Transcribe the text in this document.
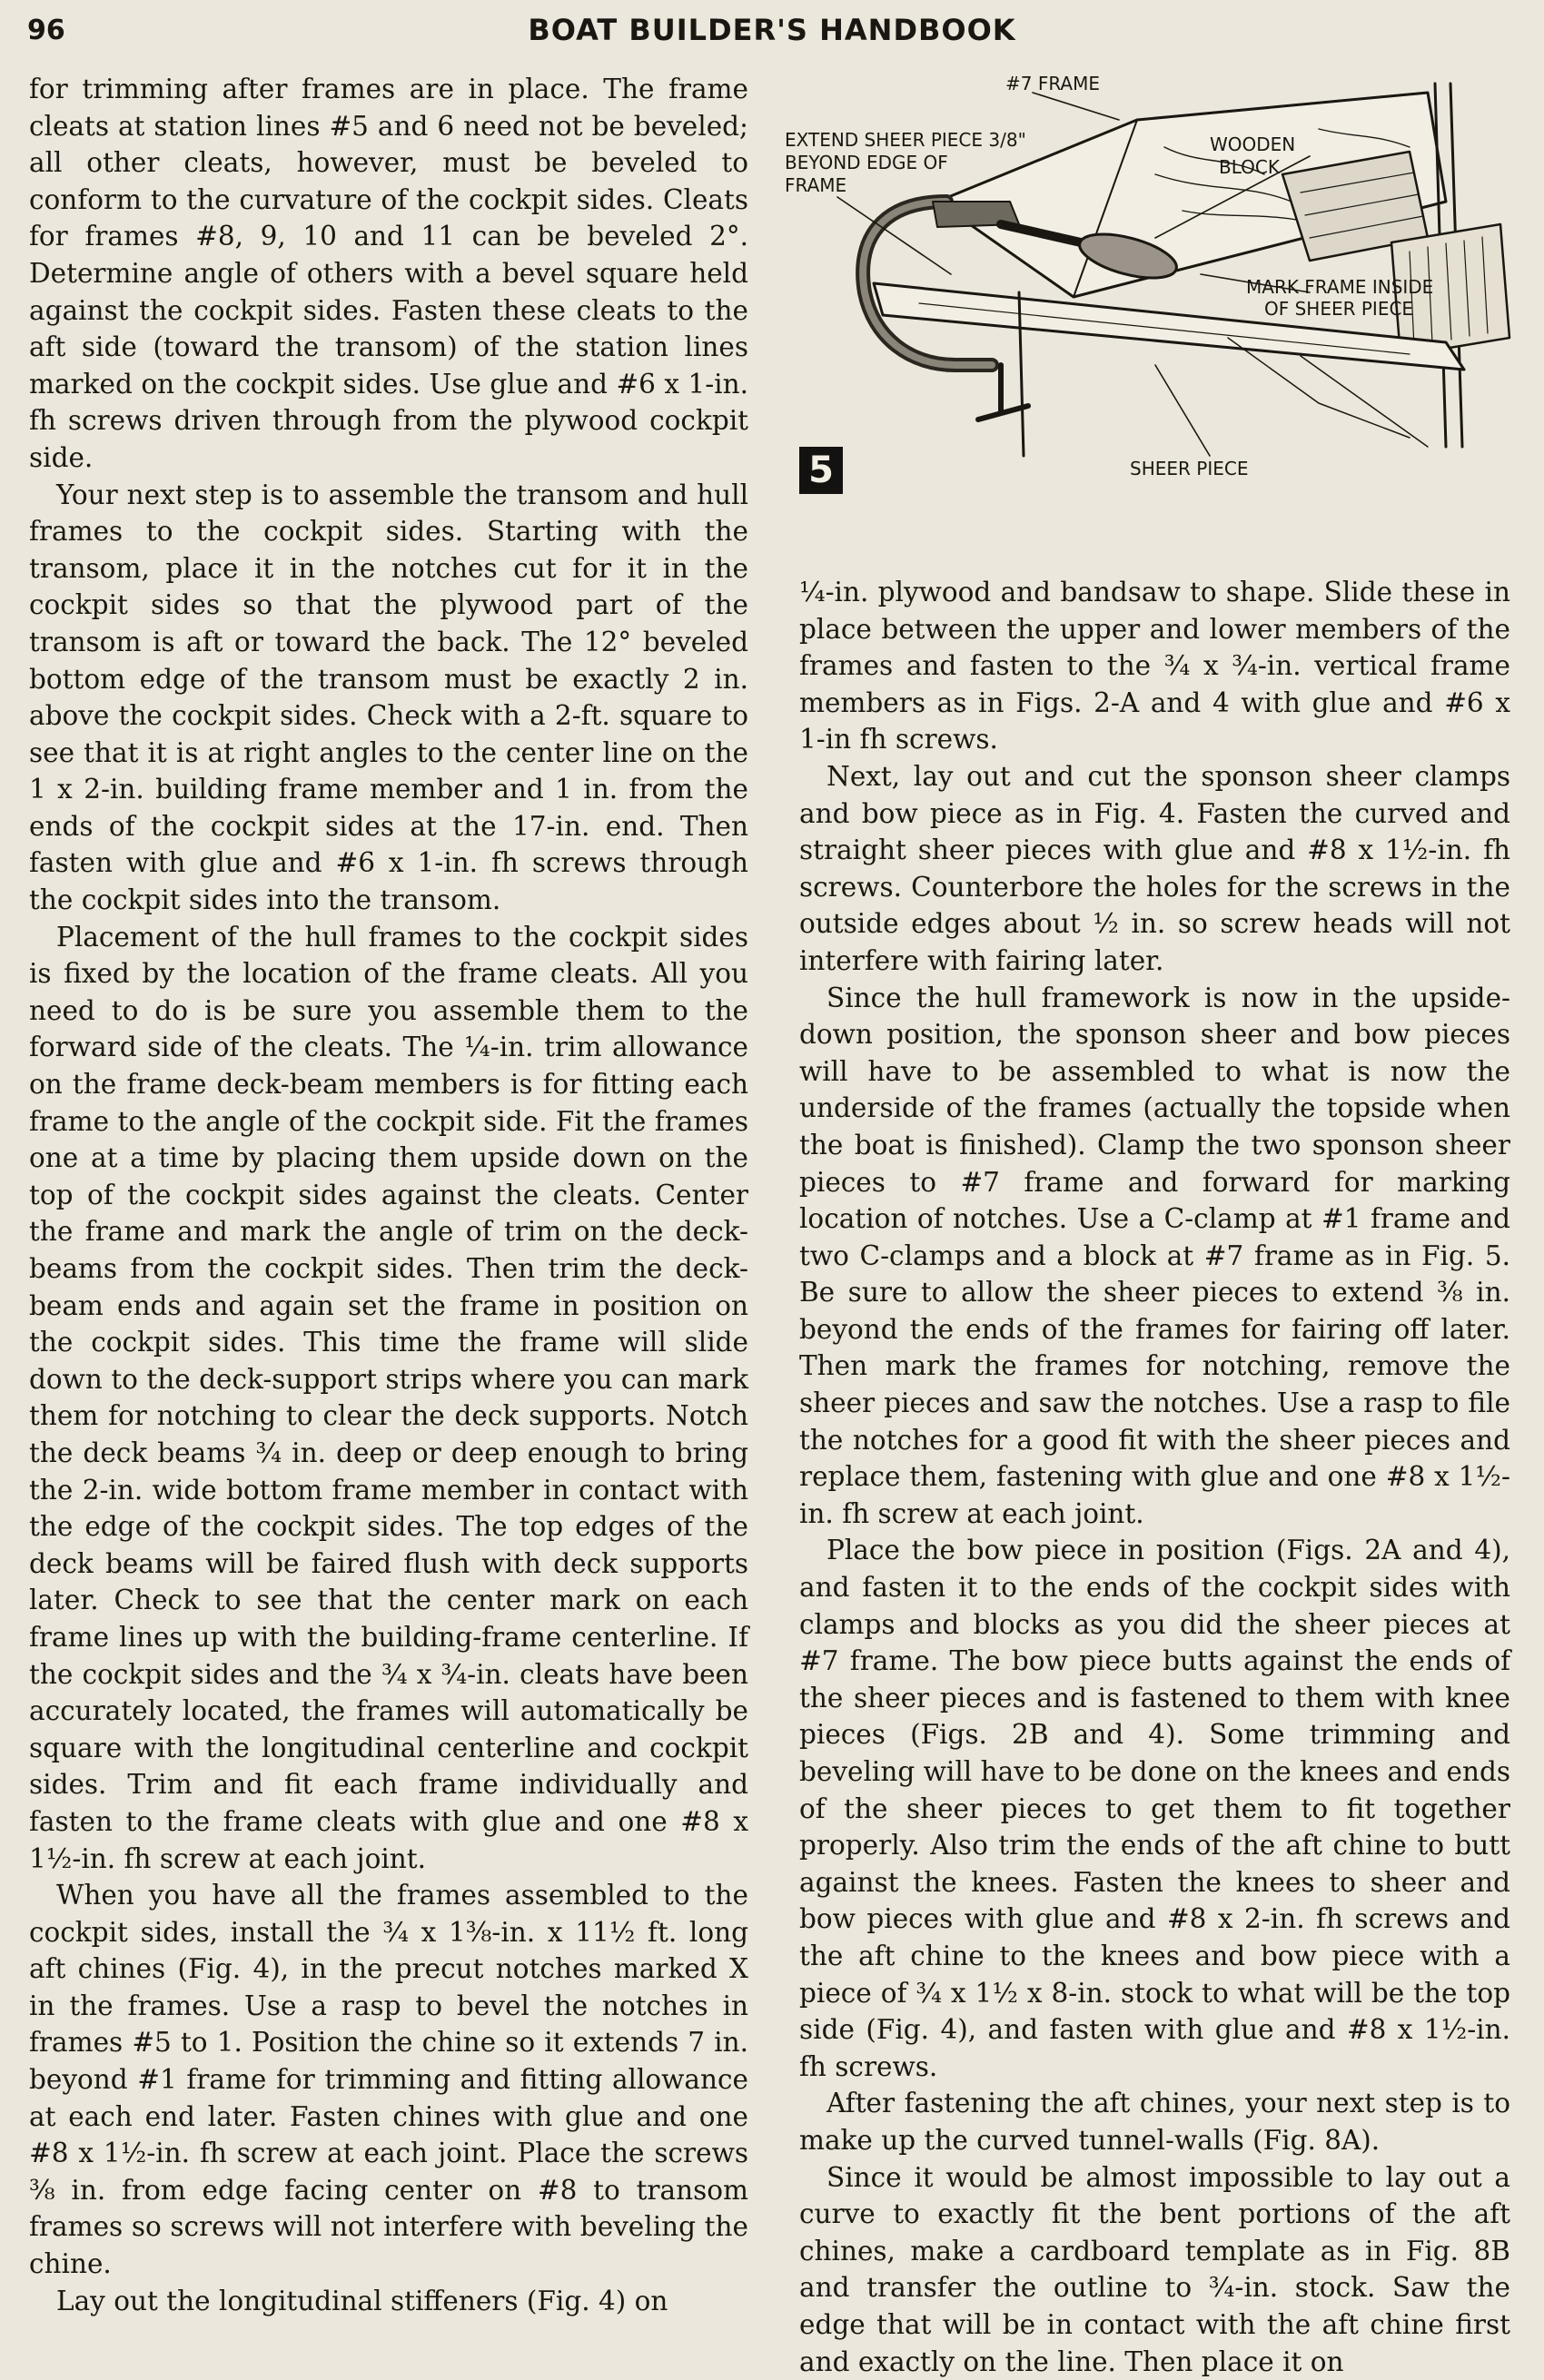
96	BOAT BUILDER'S HANDBOOK

for trimming after frames are in place. The frame cleats at station lines #5 and 6 need not be beveled; all other cleats, however, must be beveled to conform to the curvature of the cockpit sides. Cleats for frames #8, 9, 10 and 11 can be beveled 2°. Determine angle of others with a bevel square held against the cockpit sides. Fasten these cleats to the aft side (toward the transom) of the station lines marked on the cockpit sides. Use glue and #6 x 1-in. fh screws driven through from the plywood cockpit side.

Your next step is to assemble the transom and hull frames to the cockpit sides. Starting with the transom, place it in the notches cut for it in the cockpit sides so that the plywood part of the transom is aft or toward the back. The 12° beveled bottom edge of the transom must be exactly 2 in. above the cockpit sides. Check with a 2-ft. square to see that it is at right angles to the center line on the 1 x 2-in. building frame member and 1 in. from the ends of the cockpit sides at the 17-in. end. Then fasten with glue and #6 x 1-in. fh screws through the cockpit sides into the transom.

Placement of the hull frames to the cockpit sides is fixed by the location of the frame cleats. All you need to do is be sure you assemble them to the forward side of the cleats. The ¼-in. trim allowance on the frame deck-beam members is for fitting each frame to the angle of the cockpit side. Fit the frames one at a time by placing them upside down on the top of the cockpit sides against the cleats. Center the frame and mark the angle of trim on the deck-beams from the cockpit sides. Then trim the deck-beam ends and again set the frame in position on the cockpit sides. This time the frame will slide down to the deck-support strips where you can mark them for notching to clear the deck supports. Notch the deck beams ¾ in. deep or deep enough to bring the 2-in. wide bottom frame member in contact with the edge of the cockpit sides. The top edges of the deck beams will be faired flush with deck supports later. Check to see that the center mark on each frame lines up with the building-frame centerline. If the cockpit sides and the ¾ x ¾-in. cleats have been accurately located, the frames will automatically be square with the longitudinal centerline and cockpit sides. Trim and fit each frame individually and fasten to the frame cleats with glue and one #8 x 1½-in. fh screw at each joint.

When you have all the frames assembled to the cockpit sides, install the ¾ x 1⅜-in. x 11½ ft. long aft chines (Fig. 4), in the precut notches marked X in the frames. Use a rasp to bevel the notches in frames #5 to 1. Position the chine so it extends 7 in. beyond #1 frame for trimming and fitting allowance at each end later. Fasten chines with glue and one #8 x 1½-in. fh screw at each joint. Place the screws ⅜ in. from edge facing center on #8 to transom frames so screws will not interfere with beveling the chine.

Lay out the longitudinal stiffeners (Fig. 4) on

#7 FRAME
EXTEND SHEER PIECE 3/8"
BEYOND EDGE OF
FRAME
WOODEN
BLOCK
MARK FRAME INSIDE
OF SHEER PIECE
SHEER PIECE
5

¼-in. plywood and bandsaw to shape. Slide these in place between the upper and lower members of the frames and fasten to the ¾ x ¾-in. vertical frame members as in Figs. 2-A and 4 with glue and #6 x 1-in fh screws.

Next, lay out and cut the sponson sheer clamps and bow piece as in Fig. 4. Fasten the curved and straight sheer pieces with glue and #8 x 1½-in. fh screws. Counterbore the holes for the screws in the outside edges about ½ in. so screw heads will not interfere with fairing later.

Since the hull framework is now in the upside-down position, the sponson sheer and bow pieces will have to be assembled to what is now the underside of the frames (actually the topside when the boat is finished). Clamp the two sponson sheer pieces to #7 frame and forward for marking location of notches. Use a C-clamp at #1 frame and two C-clamps and a block at #7 frame as in Fig. 5. Be sure to allow the sheer pieces to extend ⅜ in. beyond the ends of the frames for fairing off later. Then mark the frames for notching, remove the sheer pieces and saw the notches. Use a rasp to file the notches for a good fit with the sheer pieces and replace them, fastening with glue and one #8 x 1½-in. fh screw at each joint.

Place the bow piece in position (Figs. 2A and 4), and fasten it to the ends of the cockpit sides with clamps and blocks as you did the sheer pieces at #7 frame. The bow piece butts against the ends of the sheer pieces and is fastened to them with knee pieces (Figs. 2B and 4). Some trimming and beveling will have to be done on the knees and ends of the sheer pieces to get them to fit together properly. Also trim the ends of the aft chine to butt against the knees. Fasten the knees to sheer and bow pieces with glue and #8 x 2-in. fh screws and the aft chine to the knees and bow piece with a piece of ¾ x 1½ x 8-in. stock to what will be the top side (Fig. 4), and fasten with glue and #8 x 1½-in. fh screws.

After fastening the aft chines, your next step is to make up the curved tunnel-walls (Fig. 8A).

Since it would be almost impossible to lay out a curve to exactly fit the bent portions of the aft chines, make a cardboard template as in Fig. 8B and transfer the outline to ¾-in. stock. Saw the edge that will be in contact with the aft chine first and exactly on the line. Then place it on
